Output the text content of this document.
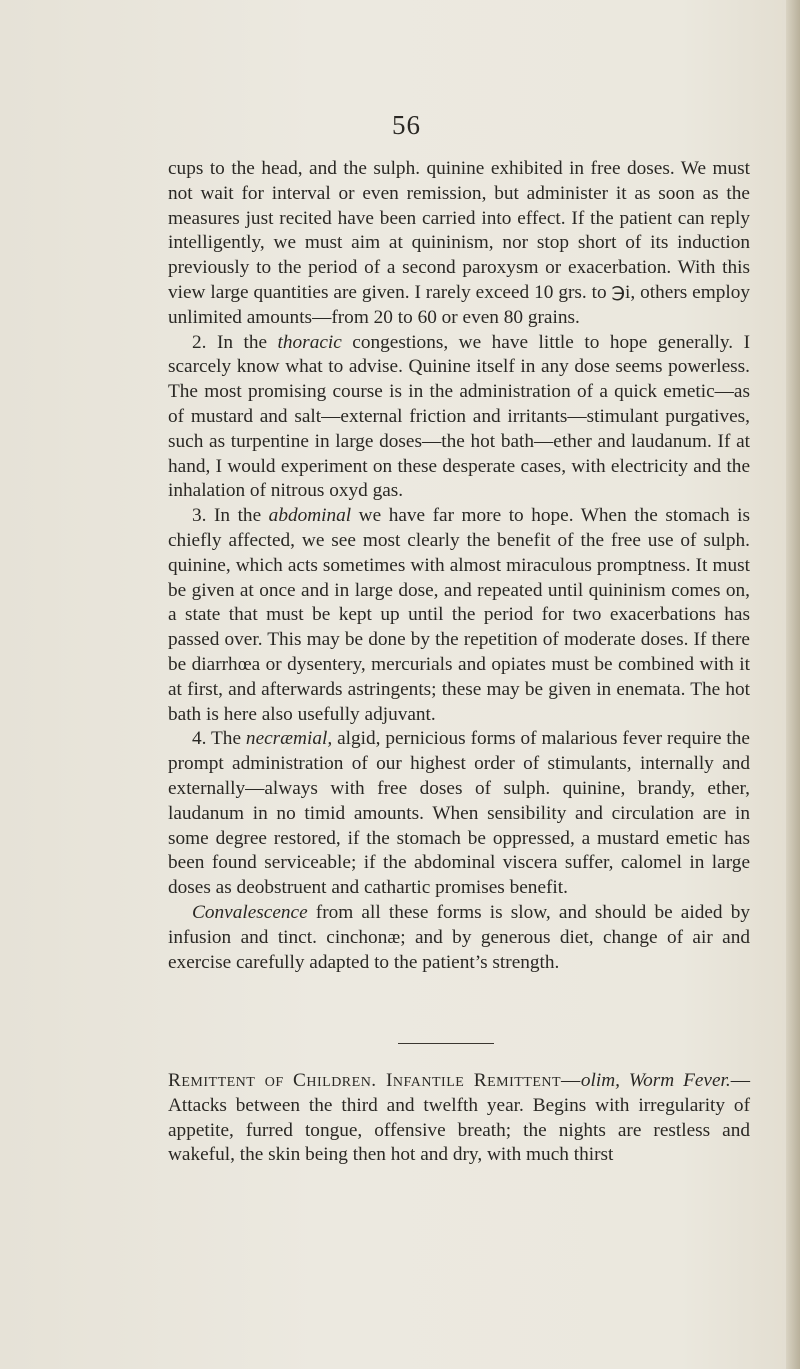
56

cups to the head, and the sulph. quinine exhibited in free doses. We must not wait for interval or even remission, but administer it as soon as the measures just recited have been carried into effect. If the patient can reply intelligently, we must aim at quininism, nor stop short of its induction previously to the period of a second paroxysm or exacerbation. With this view large quantities are given. I rarely exceed 10 grs. to ℈i, others employ unlimited amounts—from 20 to 60 or even 80 grains.

2. In the thoracic congestions, we have little to hope generally. I scarcely know what to advise. Quinine itself in any dose seems powerless. The most promising course is in the administration of a quick emetic—as of mustard and salt—external friction and irritants—stimulant purgatives, such as turpentine in large doses—the hot bath—ether and laudanum. If at hand, I would experiment on these desperate cases, with electricity and the inhalation of nitrous oxyd gas.

3. In the abdominal we have far more to hope. When the stomach is chiefly affected, we see most clearly the benefit of the free use of sulph. quinine, which acts sometimes with almost miraculous promptness. It must be given at once and in large dose, and repeated until quininism comes on, a state that must be kept up until the period for two exacerbations has passed over. This may be done by the repetition of moderate doses. If there be diarrhœa or dysentery, mercurials and opiates must be combined with it at first, and afterwards astringents; these may be given in enemata. The hot bath is here also usefully adjuvant.

4. The necræmial, algid, pernicious forms of malarious fever require the prompt administration of our highest order of stimulants, internally and externally—always with free doses of sulph. quinine, brandy, ether, laudanum in no timid amounts. When sensibility and circulation are in some degree restored, if the stomach be oppressed, a mustard emetic has been found serviceable; if the abdominal viscera suffer, calomel in large doses as deobstruent and cathartic promises benefit.

Convalescence from all these forms is slow, and should be aided by infusion and tinct. cinchonæ; and by generous diet, change of air and exercise carefully adapted to the patient’s strength.

Remittent of Children. Infantile Remittent—olim, Worm Fever.—Attacks between the third and twelfth year. Begins with irregularity of appetite, furred tongue, offensive breath; the nights are restless and wakeful, the skin being then hot and dry, with much thirst
